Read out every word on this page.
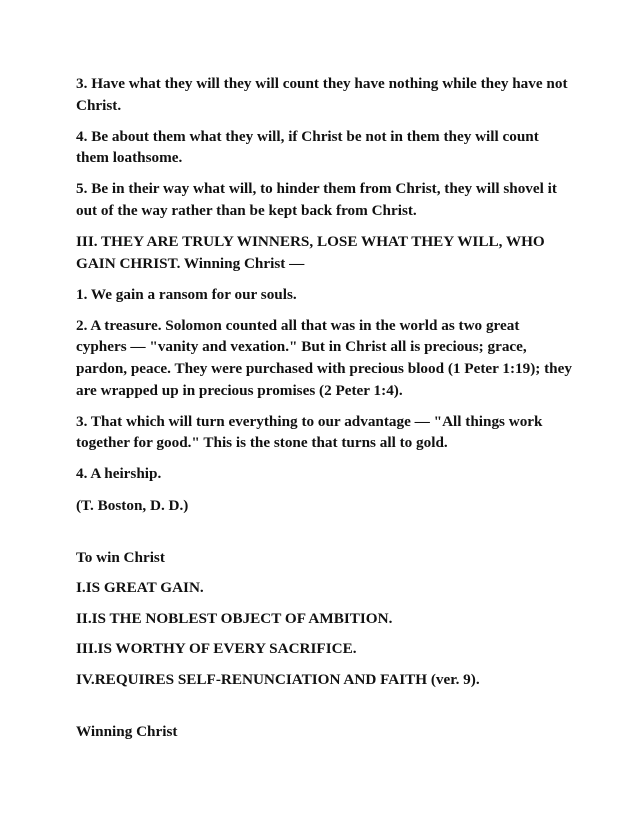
3. Have what they will they will count they have nothing while they have not Christ.

4. Be about them what they will, if Christ be not in them they will count them loathsome.

5. Be in their way what will, to hinder them from Christ, they will shovel it out of the way rather than be kept back from Christ.

III. THEY ARE TRULY WINNERS, LOSE WHAT THEY WILL, WHO GAIN CHRIST. Winning Christ —

1. We gain a ransom for our souls.

2. A treasure. Solomon counted all that was in the world as two great cyphers — "vanity and vexation." But in Christ all is precious; grace, pardon, peace. They were purchased with precious blood (1 Peter 1:19); they are wrapped up in precious promises (2 Peter 1:4).

3. That which will turn everything to our advantage — "All things work together for good." This is the stone that turns all to gold.

4. A heirship.

(T. Boston, D. D.)

To win Christ

I.IS GREAT GAIN.

II.IS THE NOBLEST OBJECT OF AMBITION.

III.IS WORTHY OF EVERY SACRIFICE.

IV.REQUIRES SELF-RENUNCIATION AND FAITH (ver. 9).

Winning Christ
